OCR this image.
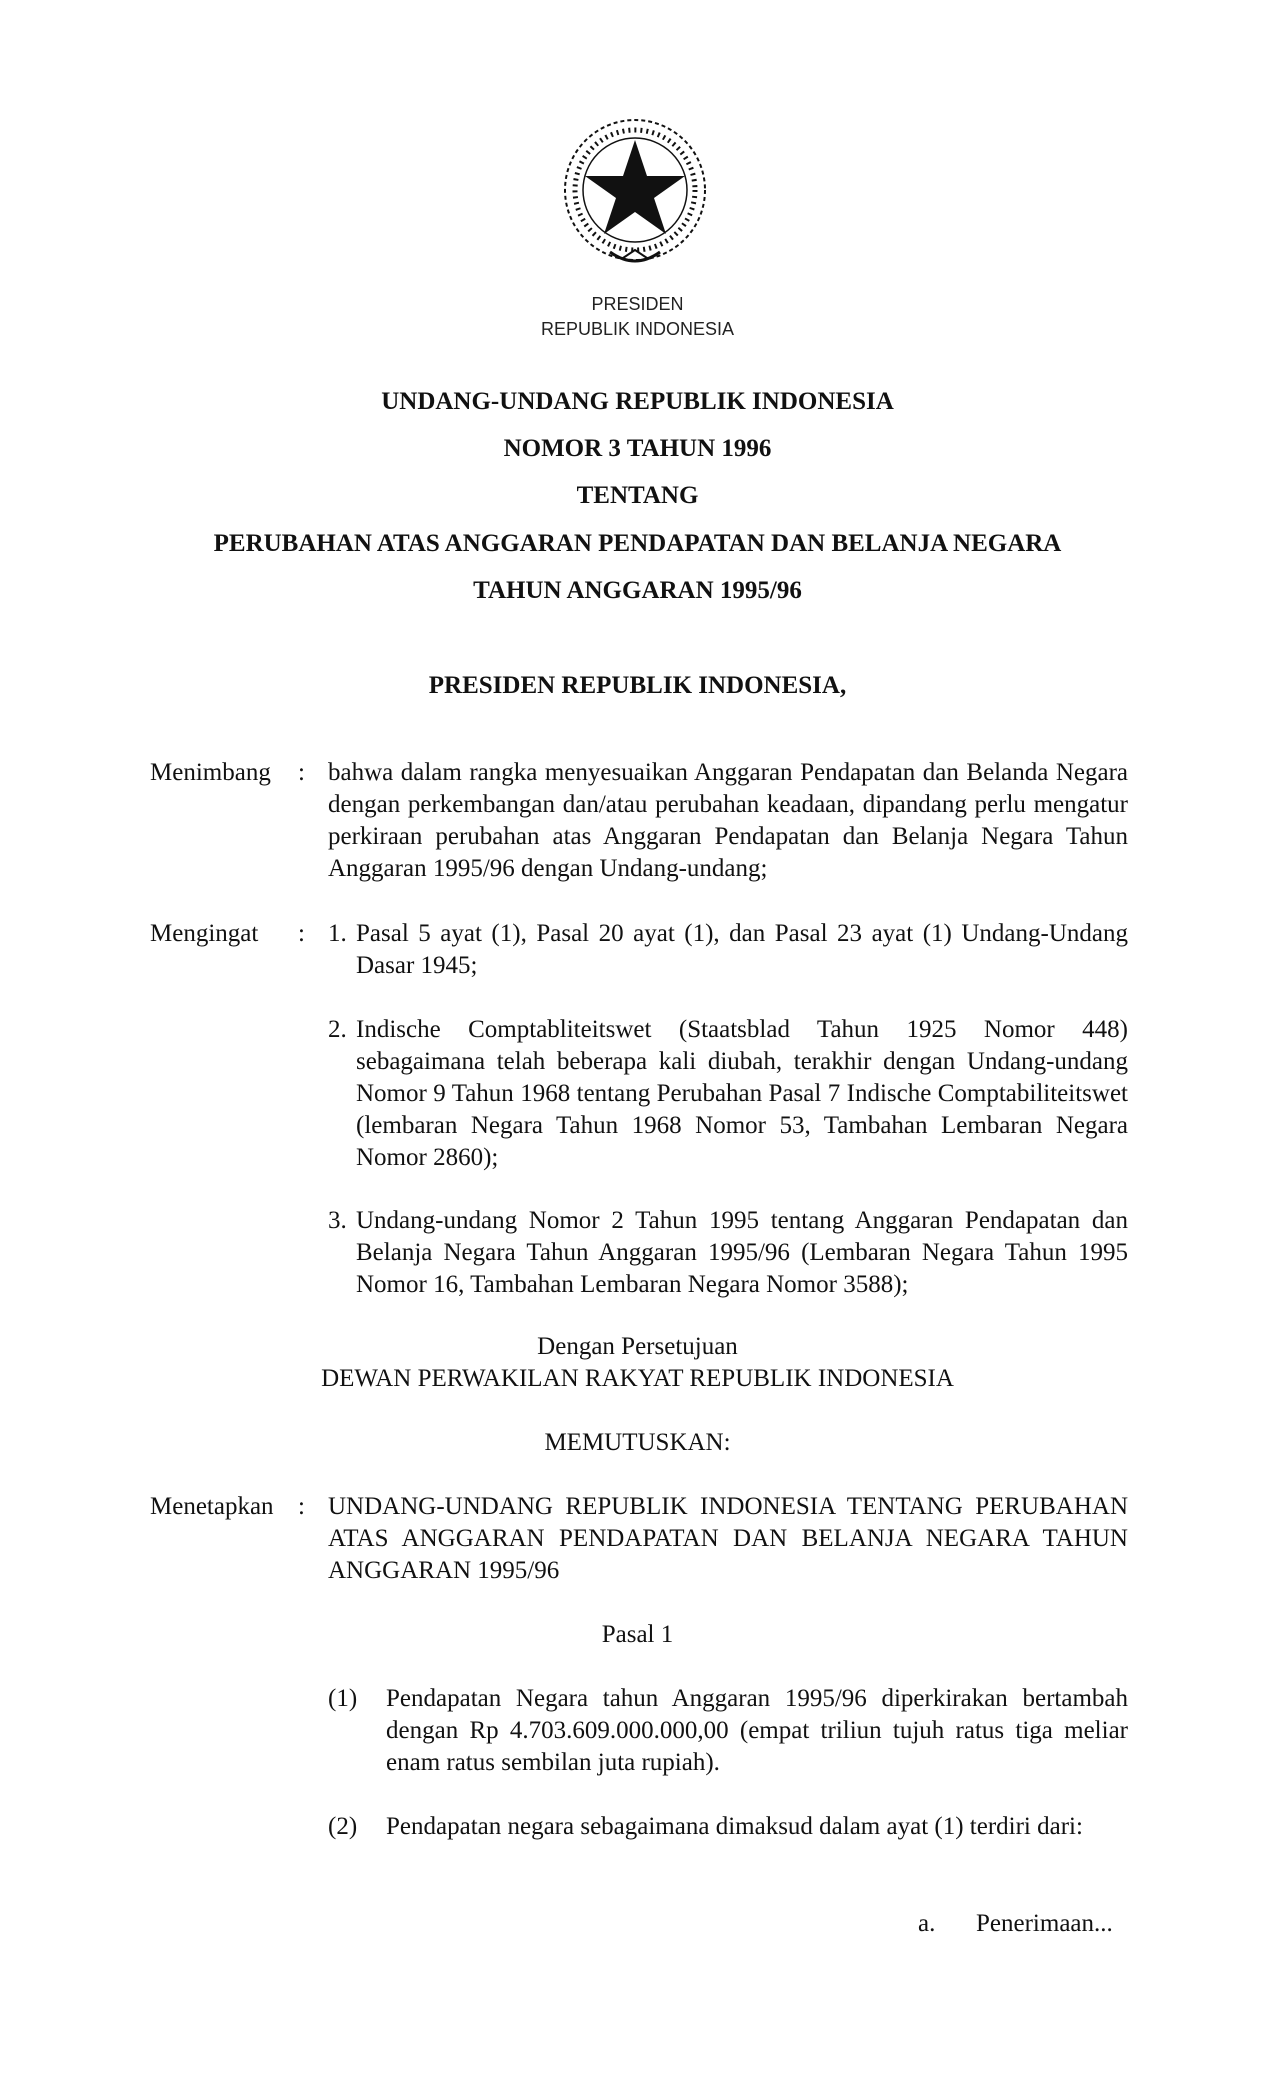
PRESIDEN
REPUBLIK INDONESIA
UNDANG-UNDANG REPUBLIK INDONESIA
NOMOR 3 TAHUN 1996
TENTANG
PERUBAHAN ATAS ANGGARAN PENDAPATAN DAN BELANJA NEGARA
TAHUN ANGGARAN 1995/96
PRESIDEN REPUBLIK INDONESIA,
Menimbang : bahwa dalam rangka menyesuaikan Anggaran Pendapatan dan Belanda Negara dengan perkembangan dan/atau perubahan keadaan, dipandang perlu mengatur perkiraan perubahan atas Anggaran Pendapatan dan Belanja Negara Tahun Anggaran 1995/96 dengan Undang-undang;
Mengingat : 1. Pasal 5 ayat (1), Pasal 20 ayat (1), dan Pasal 23 ayat (1) Undang-Undang Dasar 1945;
2. Indische Comptabliteitswet (Staatsblad Tahun 1925 Nomor 448) sebagaimana telah beberapa kali diubah, terakhir dengan Undang-undang Nomor 9 Tahun 1968 tentang Perubahan Pasal 7 Indische Comptabiliteitswet (lembaran Negara Tahun 1968 Nomor 53, Tambahan Lembaran Negara Nomor 2860);
3. Undang-undang Nomor 2 Tahun 1995 tentang Anggaran Pendapatan dan Belanja Negara Tahun Anggaran 1995/96 (Lembaran Negara Tahun 1995 Nomor 16, Tambahan Lembaran Negara Nomor 3588);
Dengan Persetujuan
DEWAN PERWAKILAN RAKYAT REPUBLIK INDONESIA
MEMUTUSKAN:
Menetapkan : UNDANG-UNDANG REPUBLIK INDONESIA TENTANG PERUBAHAN ATAS ANGGARAN PENDAPATAN DAN BELANJA NEGARA TAHUN ANGGARAN 1995/96
Pasal 1
(1) Pendapatan Negara tahun Anggaran 1995/96 diperkirakan bertambah dengan Rp 4.703.609.000.000,00 (empat triliun tujuh ratus tiga meliar enam ratus sembilan juta rupiah).
(2) Pendapatan negara sebagaimana dimaksud dalam ayat (1) terdiri dari:
a. Penerimaan...
